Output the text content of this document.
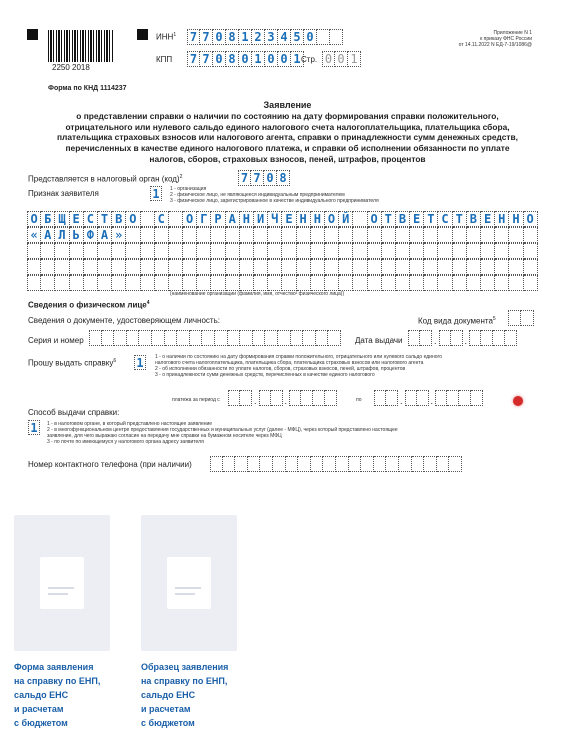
2250 2018
Форма по КНД 1114237
ИНН$^1$ 7 7 0 8 1 2 3 4 5 0
КПП 7 7 0 8 0 1 0 0 1 Стр. 0 0 1
Приложение N 1
к приказу ФНС России
от 14.11.2022 N ЕД-7-19/1086@
Заявление
о представлении справки о наличии по состоянию на дату формирования справки положительного,
отрицательного или нулевого сальдо единого налогового счета налогоплательщика, плательщика сбора,
плательщика страховых взносов или налогового агента, справки о принадлежности сумм денежных средств,
перечисленных в качестве единого налогового платежа, и справки об исполнении обязанности по уплате
налогов, сборов, страховых взносов, пеней, штрафов, процентов
Представляется в налоговый орган (код)$^2$	7 7 0 8
Признак заявителя	1	1 - организация
2 - физическое лицо, не являющееся индивидуальным предпринимателем
3 - физическое лицо, зарегистрированное в качестве индивидуального предпринимателя
О Б Щ Е С Т В О	С	О Г Р А Н И Ч Е Н Н О Й	О Т В Е Т С Т В Е Н Н О
« А Л Ь Ф А »
(наименование организации (фамилия, имя, отчество³ физического лица))
Сведения о физическом лице$^4$
Сведения о документе, удостоверяющем личность:	Код вида документа$^5$
Серия и номер	Дата выдачи	.	.
Прошу выдать справку$^6$ 1	1 - о наличии по состоянию на дату формирования справки положительного, отрицательного или нулевого сальдо единого
налогового счета налогоплательщика, плательщика сбора, плательщика страховых взносов или налогового агента
2 - об исполнении обязанности по уплате налогов, сборов, страховых взносов, пеней, штрафов, процентов
3 - о принадлежности сумм денежных средств, перечисленных в качестве единого налогового
платежа за период с	.	.	по	.	.
Способ выдачи справки:
1	1 - в налоговом органе, в который представлено настоящее заявление
2 - в многофункциональном центре предоставления государственных и муниципальных услуг (далее - МФЦ), через который представлено настоящее
заявление, для чего выражаю согласие на передачу мне справки на бумажном носителе через МФЦ
3 - по почте по имеющемуся у налогового органа адресу заявителя
Номер контактного телефона (при наличии)
Форма заявления
на справку по ЕНП,
сальдо ЕНС
и расчетам
с бюджетом
Образец заявления
на справку по ЕНП,
сальдо ЕНС
и расчетам
с бюджетом
